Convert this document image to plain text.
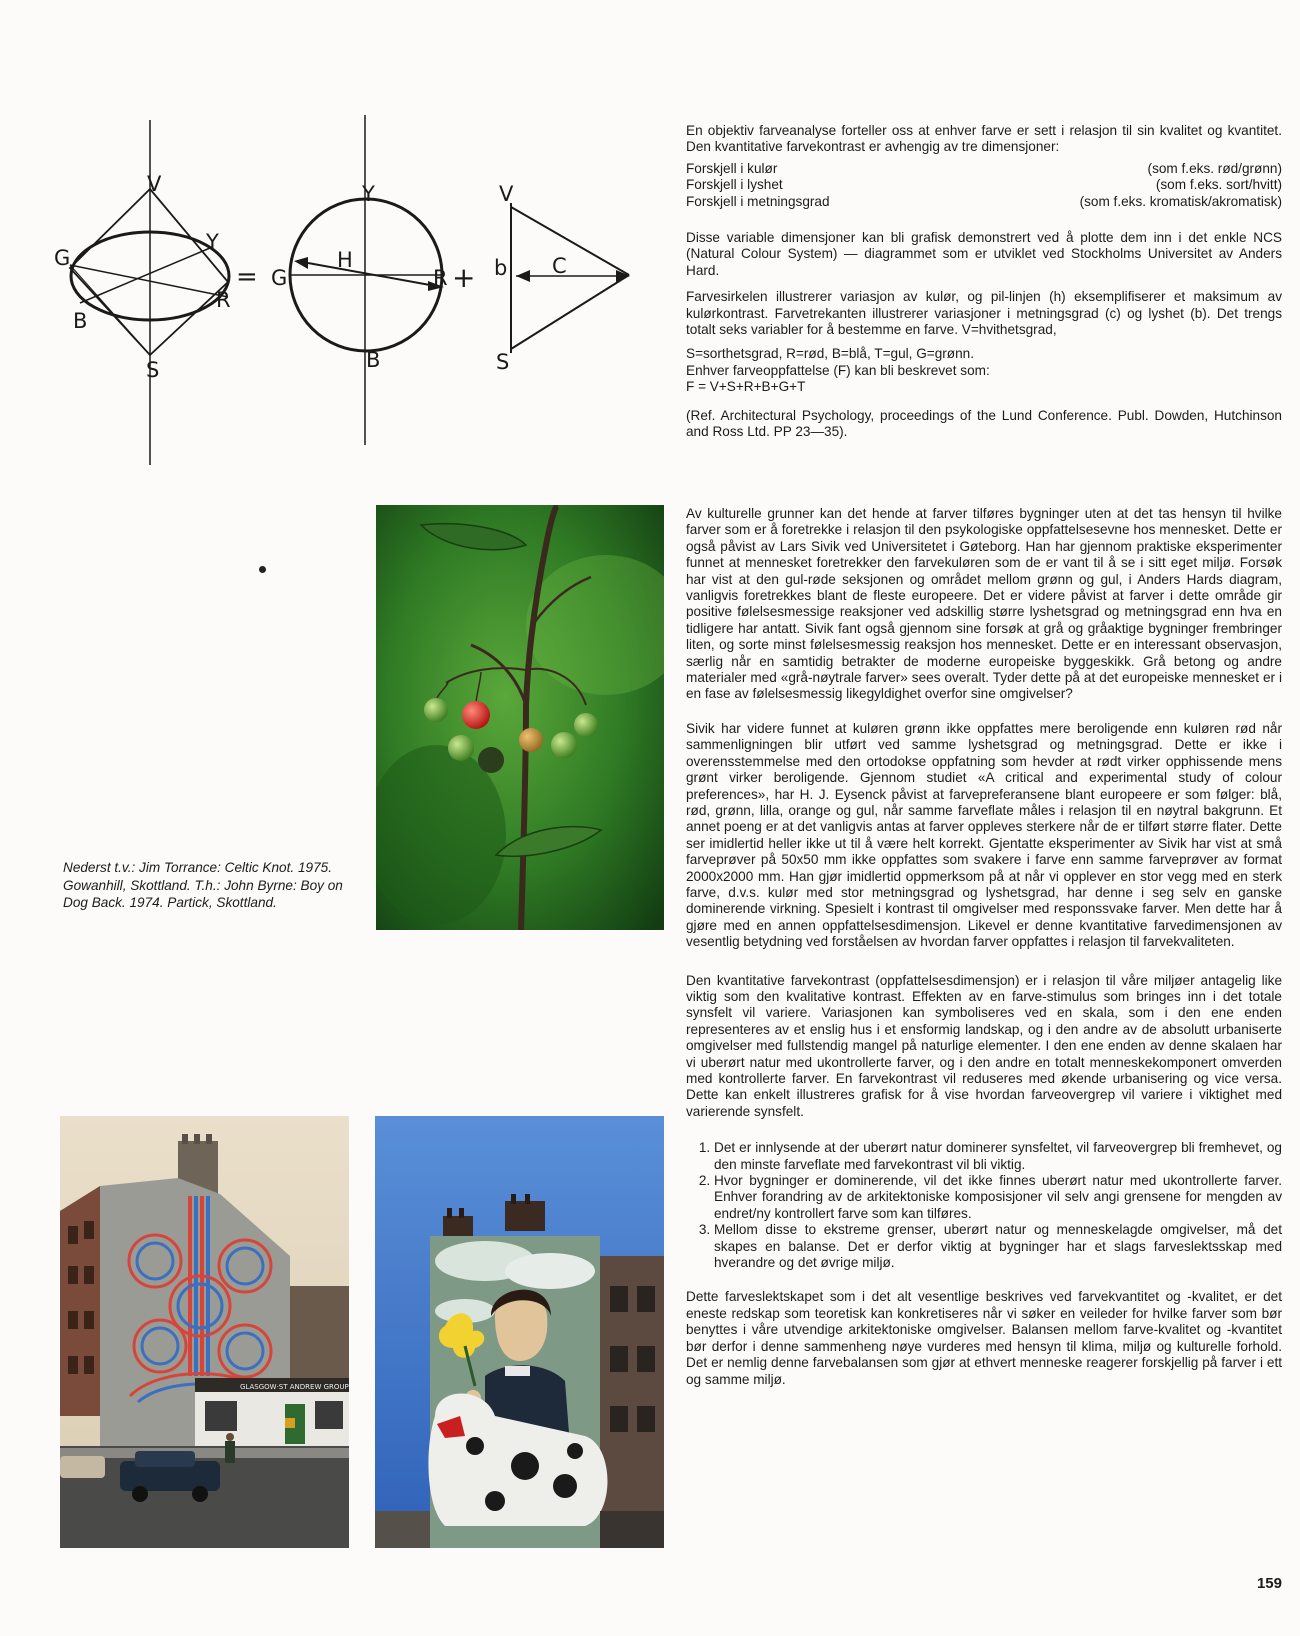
V
G
Y
R
B
S
=
Y
G
H
R +
B
V
b C
S

En objektiv farveanalyse forteller oss at enhver farve er sett i relasjon til sin kvalitet og kvantitet. Den kvantitative farvekontrast er avhengig av tre dimensjoner:

Forskjell i kulør	(som f.eks. rød/grønn)
Forskjell i lyshet	(som f.eks. sort/hvitt)
Forskjell i metningsgrad	(som f.eks. kromatisk/akromatisk)

Disse variable dimensjoner kan bli grafisk demonstrert ved å plotte dem inn i det enkle NCS (Natural Colour System) — diagrammet som er utviklet ved Stockholms Universitet av Anders Hard.

Farvesirkelen illustrerer variasjon av kulør, og pil-linjen (h) eksemplifiserer et maksimum av kulørkontrast. Farvetrekanten illustrerer variasjoner i metningsgrad (c) og lyshet (b). Det trengs totalt seks variabler for å bestemme en farve. V=hvithetsgrad,

S=sorthetsgrad, R=rød, B=blå, T=gul, G=grønn.
Enhver farveoppfattelse (F) kan bli beskrevet som:
F = V+S+R+B+G+T

(Ref. Architectural Psychology, proceedings of the Lund Conference. Publ. Dowden, Hutchinson and Ross Ltd. PP 23—35).

Av kulturelle grunner kan det hende at farver tilføres bygninger uten at det tas hensyn til hvilke farver som er å foretrekke i relasjon til den psykologiske oppfattelsesevne hos mennesket. Dette er også påvist av Lars Sivik ved Universitetet i Gøteborg. Han har gjennom praktiske eksperimenter funnet at mennesket foretrekker den farvekuløren som de er vant til å se i sitt eget miljø. Forsøk har vist at den gul-røde seksjonen og området mellom grønn og gul, i Anders Hards diagram, vanligvis foretrekkes blant de fleste europeere. Det er videre påvist at farver i dette område gir positive følelsesmessige reaksjoner ved adskillig større lyshetsgrad og metningsgrad enn hva en tidligere har antatt. Sivik fant også gjennom sine forsøk at grå og gråaktige bygninger frembringer liten, og sorte minst følelsesmessig reaksjon hos mennesket. Dette er en interessant observasjon, særlig når en samtidig betrakter de moderne europeiske byggeskikk. Grå betong og andre materialer med «grå-nøytrale farver» sees overalt. Tyder dette på at det europeiske mennesket er i en fase av følelsesmessig likegyldighet overfor sine omgivelser?

Sivik har videre funnet at kuløren grønn ikke oppfattes mere beroligende enn kuløren rød når sammenligningen blir utført ved samme lyshetsgrad og metningsgrad. Dette er ikke i overensstemmelse med den ortodokse oppfatning som hevder at rødt virker opphissende mens grønt virker beroligende. Gjennom studiet «A critical and experimental study of colour preferences», har H. J. Eysenck påvist at farvepreferansene blant europeere er som følger: blå, rød, grønn, lilla, orange og gul, når samme farveflate måles i relasjon til en nøytral bakgrunn. Et annet poeng er at det vanligvis antas at farver oppleves sterkere når de er tilført større flater. Dette ser imidlertid heller ikke ut til å være helt korrekt. Gjentatte eksperimenter av Sivik har vist at små farveprøver på 50x50 mm ikke oppfattes som svakere i farve enn samme farveprøver av format 2000x2000 mm. Han gjør imidlertid oppmerksom på at når vi opplever en stor vegg med en sterk farve, d.v.s. kulør med stor metningsgrad og lyshetsgrad, har denne i seg selv en ganske dominerende virkning. Spesielt i kontrast til omgivelser med responssvake farver. Men dette har å gjøre med en annen oppfattelsesdimensjon. Likevel er denne kvantitative farvedimensjonen av vesentlig betydning ved forståelsen av hvordan farver oppfattes i relasjon til farvekvaliteten.

Den kvantitative farvekontrast (oppfattelsesdimensjon) er i relasjon til våre miljøer antagelig like viktig som den kvalitative kontrast. Effekten av en farve-stimulus som bringes inn i det totale synsfelt vil variere. Variasjonen kan symboliseres ved en skala, som i den ene enden representeres av et enslig hus i et ensformig landskap, og i den andre av de absolutt urbaniserte omgivelser med fullstendig mangel på naturlige elementer. I den ene enden av denne skalaen har vi uberørt natur med ukontrollerte farver, og i den andre en totalt menneskekomponert omverden med kontrollerte farver. En farvekontrast vil reduseres med økende urbanisering og vice versa. Dette kan enkelt illustreres grafisk for å vise hvordan farveovergrep vil variere i viktighet med varierende synsfelt.

1. Det er innlysende at der uberørt natur dominerer synsfeltet, vil farveovergrep bli fremhevet, og den minste farveflate med farvekontrast vil bli viktig.
2. Hvor bygninger er dominerende, vil det ikke finnes uberørt natur med ukontrollerte farver. Enhver forandring av de arkitektoniske komposisjoner vil selv angi grensene for mengden av endret/ny kontrollert farve som kan tilføres.
3. Mellom disse to ekstreme grenser, uberørt natur og menneskelagde omgivelser, må det skapes en balanse. Det er derfor viktig at bygninger har et slags farveslektsskap med hverandre og det øvrige miljø.

Dette farveslektskapet som i det alt vesentlige beskrives ved farvekvantitet og -kvalitet, er det eneste redskap som teoretisk kan konkretiseres når vi søker en veileder for hvilke farver som bør benyttes i våre utvendige arkitektoniske omgivelser. Balansen mellom farve-kvalitet og -kvantitet bør derfor i denne sammenheng nøye vurderes med hensyn til klima, miljø og kulturelle forhold. Det er nemlig denne farvebalansen som gjør at ethvert menneske reagerer forskjellig på farver i ett og samme miljø.

Nederst t.v.: Jim Torrance: Celtic Knot. 1975. Gowanhill, Skottland. T.h.: John Byrne: Boy on Dog Back. 1974. Partick, Skottland.
GLASGOW·ST ANDREW GROUP
159
